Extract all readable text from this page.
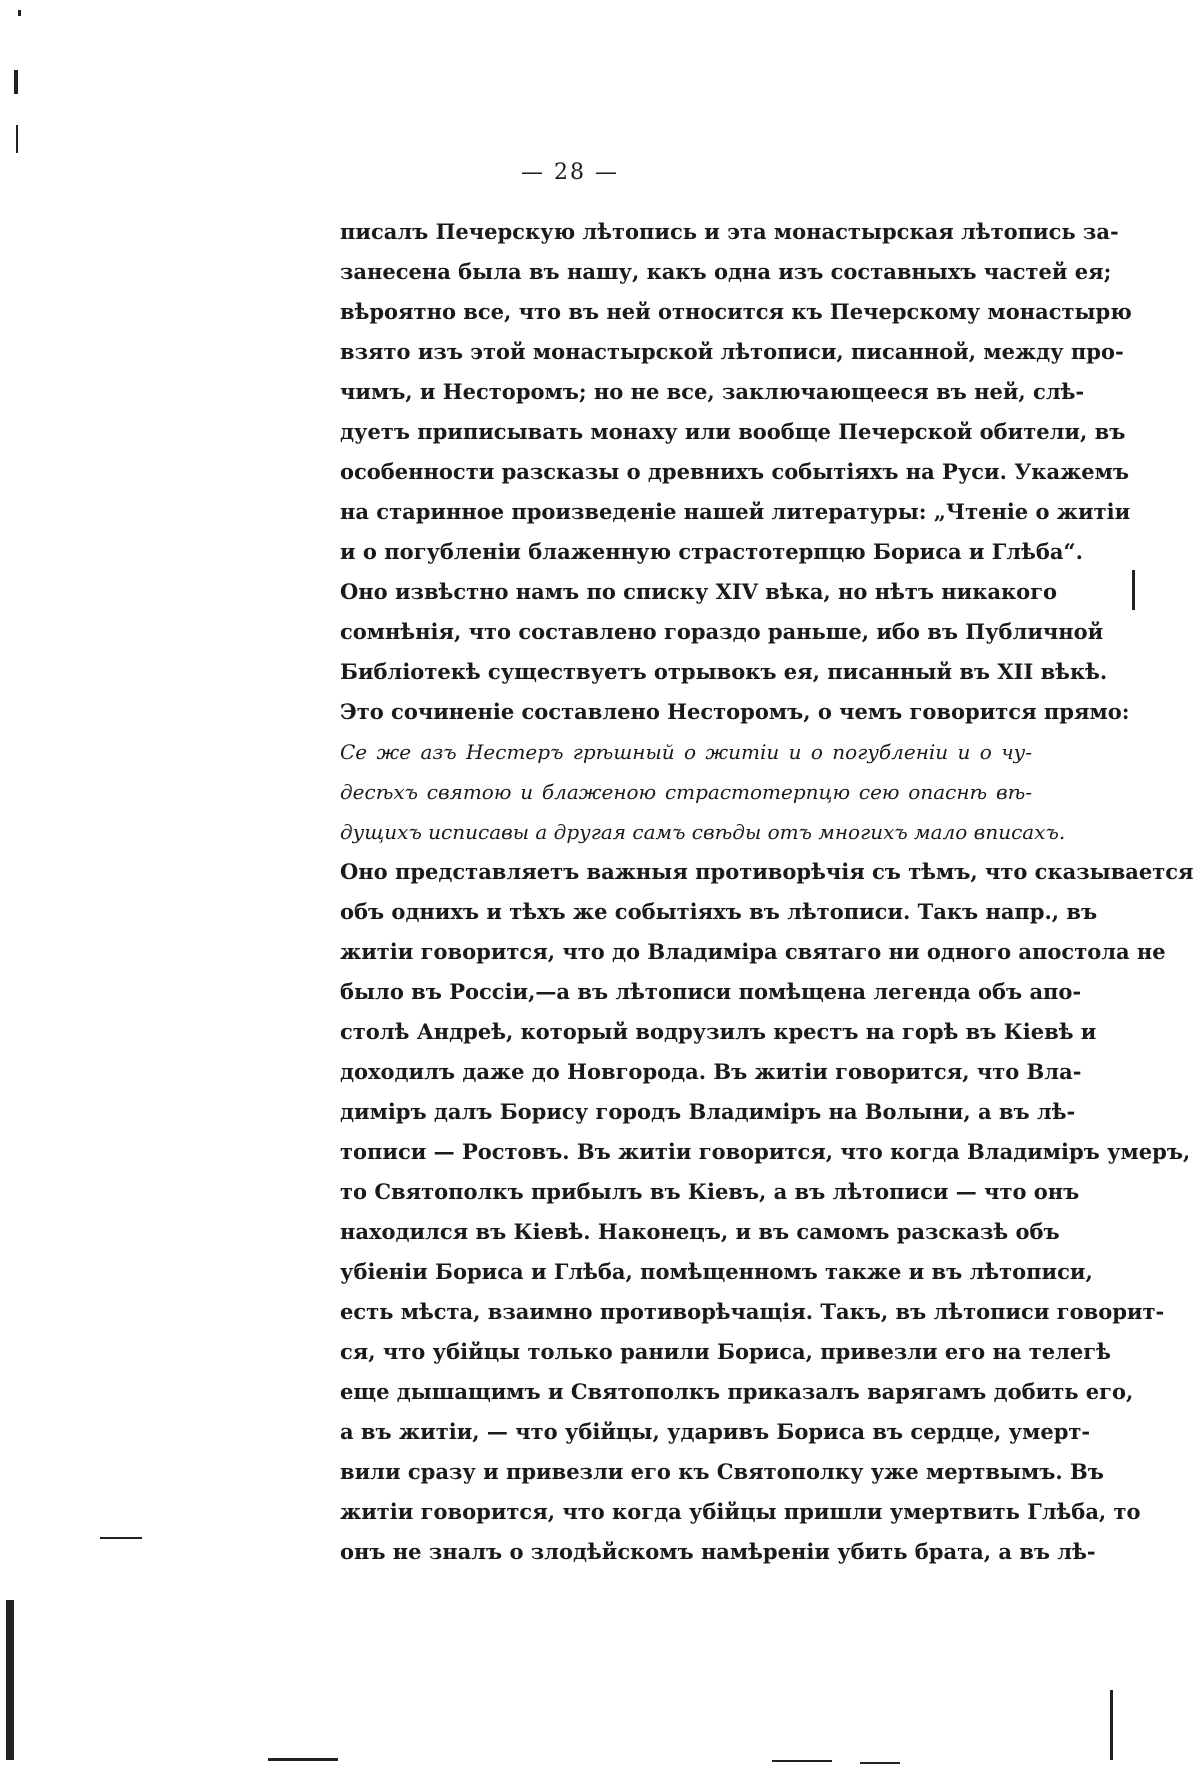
— 28 —
писалъ Печерскую лѣтопись и эта монастырская лѣтопись за-
занесена была въ нашу, какъ одна изъ составныхъ частей ея;
вѣроятно все, что въ ней относится къ Печерскому монастырю
взято изъ этой монастырской лѣтописи, писанной, между про-
чимъ, и Несторомъ; но не все, заключающееся въ ней, слѣ-
дуетъ приписывать монаху или вообще Печерской обители, въ
особенности разсказы о древнихъ событіяхъ на Руси. Укажемъ
на старинное произведеніе нашей литературы: „Чтеніе о житіи
и о погубленіи блаженную страстотерпцю Бориса и Глѣба“.
Оно извѣстно намъ по списку XIV вѣка, но нѣтъ никакого
сомнѣнія, что составлено гораздо раньше, ибо въ Публичной
Библіотекѣ существуетъ отрывокъ ея, писанный въ XII вѣкѣ.
Это сочиненіе составлено Несторомъ, о чемъ говорится прямо:
Се же азъ Нестеръ грѣшный о житіи и о погубленіи и о чу-
десѣхъ святою и блаженою страстотерпцю сею опаснѣ вѣ-
дущихъ исписавы а другая самъ свѣды отъ многихъ мало вписахъ.
Оно представляетъ важныя противорѣчія съ тѣмъ, что сказывается
объ однихъ и тѣхъ же событіяхъ въ лѣтописи. Такъ напр., въ
житіи говорится, что до Владиміра святаго ни одного апостола не
было въ Россіи,—а въ лѣтописи помѣщена легенда объ апо-
столѣ Андреѣ, который водрузилъ крестъ на горѣ въ Кіевѣ и
доходилъ даже до Новгорода. Въ житіи говорится, что Вла-
диміръ далъ Борису городъ Владиміръ на Волыни, а въ лѣ-
тописи — Ростовъ. Въ житіи говорится, что когда Владиміръ умеръ,
то Святополкъ прибылъ въ Кіевъ, а въ лѣтописи — что онъ
находился въ Кіевѣ. Наконецъ, и въ самомъ разсказѣ объ
убіеніи Бориса и Глѣба, помѣщенномъ также и въ лѣтописи,
есть мѣста, взаимно противорѣчащія. Такъ, въ лѣтописи говорит-
ся, что убійцы только ранили Бориса, привезли его на телегѣ
еще дышащимъ и Святополкъ приказалъ варягамъ добить его,
а въ житіи, — что убійцы, ударивъ Бориса въ сердце, умерт-
вили сразу и привезли его къ Святополку уже мертвымъ. Въ
житіи говорится, что когда убійцы пришли умертвить Глѣба, то
онъ не зналъ о злодѣйскомъ намѣреніи убить брата, а въ лѣ-
